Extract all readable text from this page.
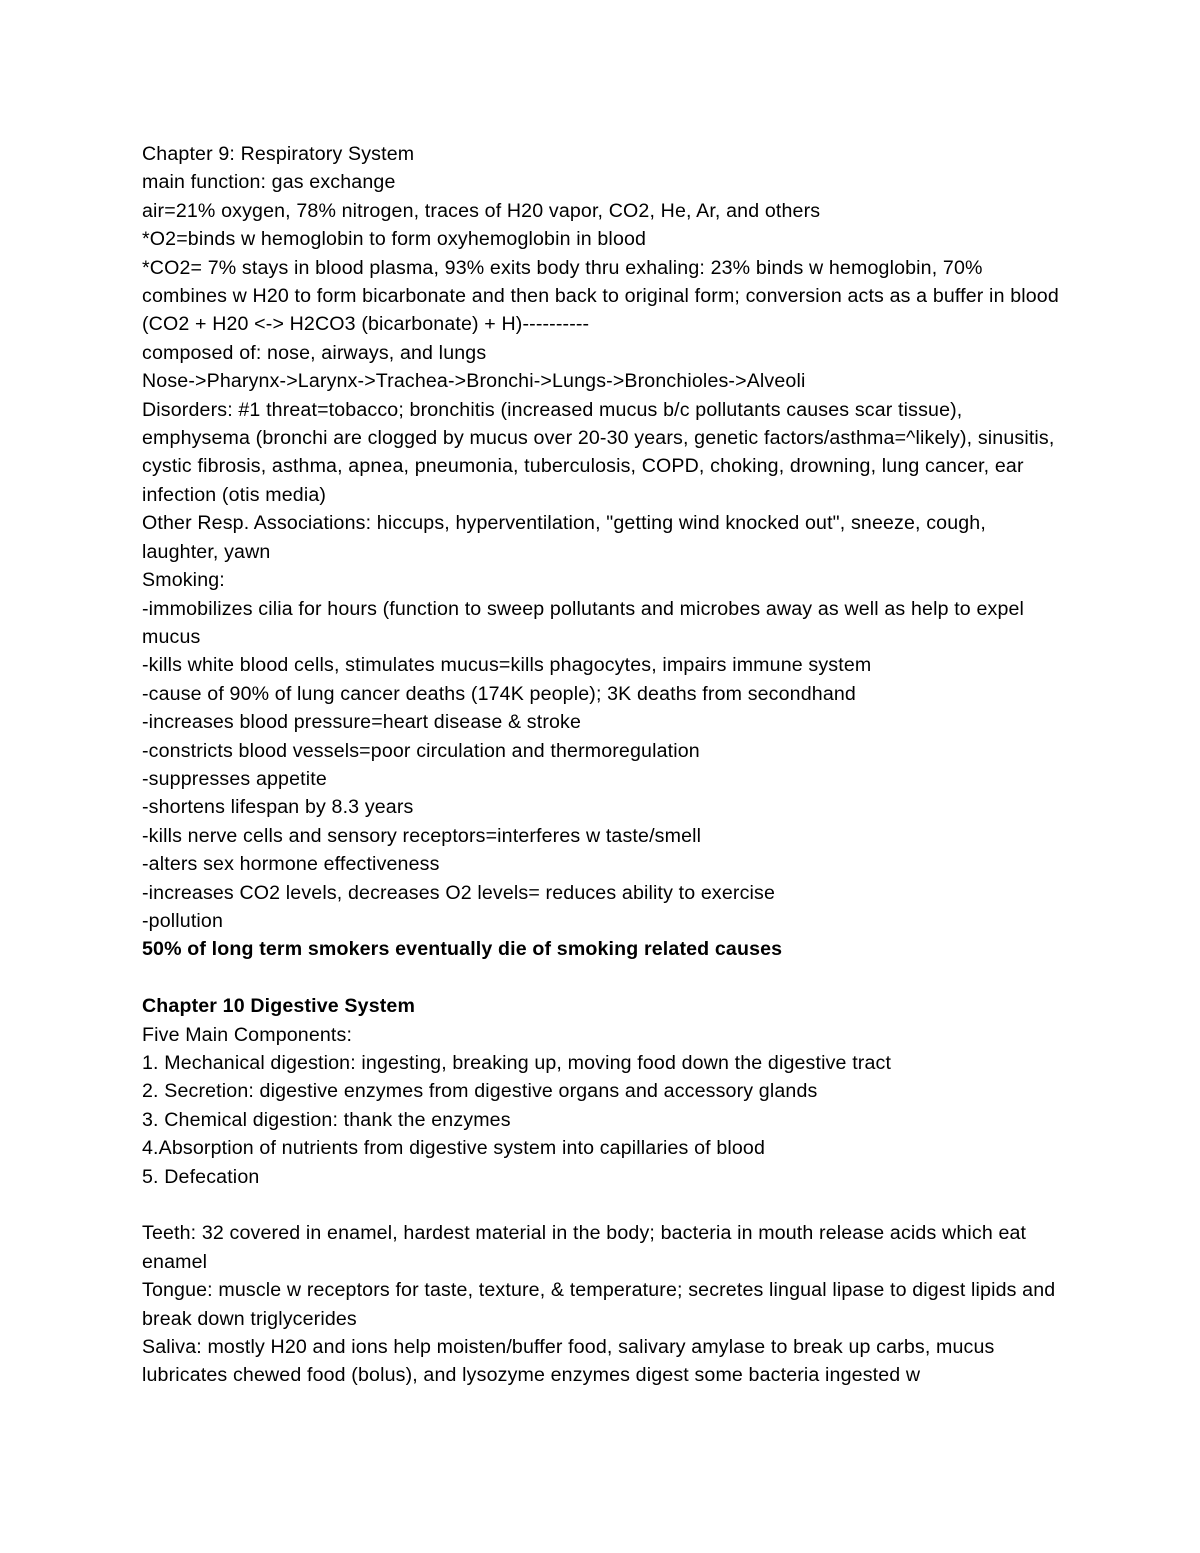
Chapter 9: Respiratory System
main function: gas exchange
air=21% oxygen, 78% nitrogen, traces of H20 vapor, CO2, He, Ar, and others
*O2=binds w hemoglobin to form oxyhemoglobin in blood
*CO2= 7% stays in blood plasma, 93% exits body thru exhaling: 23% binds w hemoglobin, 70% combines w H20 to form bicarbonate and then back to original form; conversion acts as a buffer in blood           (CO2 + H20 <-> H2CO3 (bicarbonate) + H)----------
composed of: nose, airways, and lungs
Nose->Pharynx->Larynx->Trachea->Bronchi->Lungs->Bronchioles->Alveoli
Disorders: #1 threat=tobacco; bronchitis (increased mucus b/c pollutants causes scar tissue), emphysema (bronchi are clogged by mucus over 20-30 years, genetic factors/asthma=^likely), sinusitis, cystic fibrosis, asthma, apnea, pneumonia, tuberculosis, COPD, choking, drowning, lung cancer, ear infection (otis media)
Other Resp. Associations: hiccups, hyperventilation, "getting wind knocked out", sneeze, cough, laughter, yawn
Smoking:
-immobilizes cilia for hours (function to sweep pollutants and microbes away as well as help to expel mucus
-kills white blood cells, stimulates mucus=kills phagocytes, impairs immune system
-cause of 90% of lung cancer deaths (174K people); 3K deaths from secondhand
-increases blood pressure=heart disease & stroke
-constricts blood vessels=poor circulation and thermoregulation
-suppresses appetite
-shortens lifespan by 8.3 years
-kills nerve cells and sensory receptors=interferes w taste/smell
-alters sex hormone effectiveness
-increases CO2 levels, decreases O2 levels= reduces ability to exercise
-pollution
50% of long term smokers eventually die of smoking related causes
Chapter 10 Digestive System
Five Main Components:
1. Mechanical digestion: ingesting, breaking up, moving food down the digestive tract
2. Secretion: digestive enzymes from digestive organs and accessory glands
3. Chemical digestion: thank the enzymes
4.Absorption of nutrients from digestive system into capillaries of blood
5. Defecation
Teeth: 32 covered in enamel, hardest material in the body; bacteria in mouth release acids which eat enamel
Tongue: muscle w receptors for taste, texture, & temperature; secretes lingual lipase to digest lipids and break down triglycerides
Saliva: mostly H20 and ions help moisten/buffer food, salivary amylase to break up carbs, mucus lubricates chewed food (bolus), and lysozyme enzymes digest some bacteria ingested w
